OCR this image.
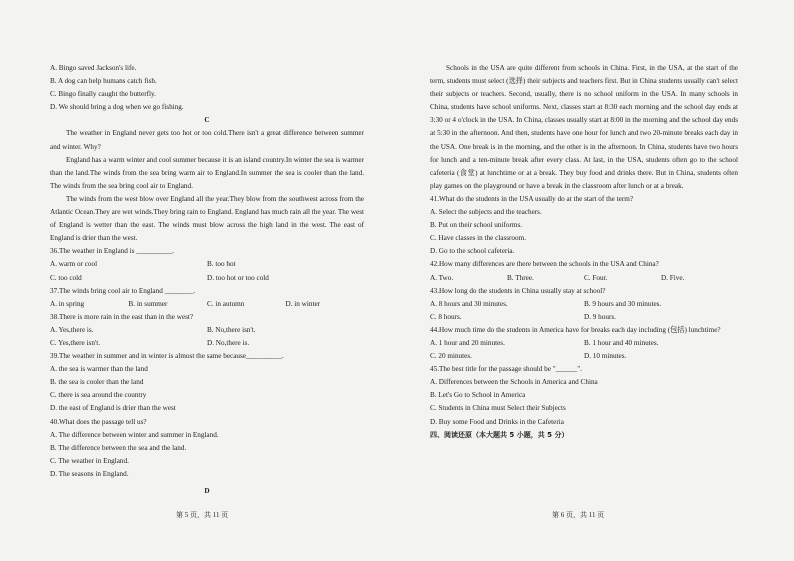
A. Bingo saved Jackson's life.
B. A dog can help humans catch fish.
C. Bingo finally caught the butterfly.
D. We should bring a dog when we go fishing.
C
The weather in England never gets too hot or too cold.There isn't a great difference between summer and winter. Why?
England has a warm winter and cool summer because it is an island country.In winter the sea is warmer than the land.The winds from the sea bring warm air to England.In summer the sea is cooler than the land. The winds from the sea bring cool air to England.
The winds from the west blow over England all the year.They blow from the southwest across from the Atlantic Ocean.They are wet winds.They bring rain to England. England has much rain all the year. The west of England is wetter than the east. The winds must blow across the high land in the west. The east of England is drier than the west.
36.The weather in England is __________.
A. warm or cool	B. too hot
C. too cold	D. too hot or too cold
37.The winds bring cool air to England ________.
A. in spring	B. in summer	C. in autumn	D. in winter
38.There is more rain in the east than in the west?
A. Yes,there is.	B. No,there isn't.
C. Yes,there isn't.	D. No,there is.
39.The weather in summer and in winter is almost the same because__________.
A. the sea is warmer than the land
B. the sea is cooler than the land
C. there is sea around the country
D. the east of England is drier than the west
40.What does the passage tell us?
A. The difference between winter and summer in England.
B. The difference between the sea and the land.
C. The weather in England.
D. The seasons in England.
D
第 5 页，共 11 页
Schools in the USA are quite different from schools in China. First, in the USA, at the start of the term, students must select (选择) their subjects and teachers first. But in China students usually can't select their subjects or teachers. Second, usually, there is no school uniform in the USA. In many schools in China, students have school uniforms. Next, classes start at 8:30 each morning and the school day ends at 3:30 or 4 o'clock in the USA. In China, classes usually start at 8:00 in the morning and the school day ends at 5:30 in the afternoon. And then, students have one hour for lunch and two 20-minute breaks each day in the USA. One break is in the morning, and the other is in the afternoon. In China, students have two hours for lunch and a ten-minute break after every class. At last, in the USA, students often go to the school cafeteria (食堂) at lunchtime or at a break. They buy food and drinks there. But in China, students often play games on the playground or have a break in the classroom after lunch or at a break.
41.What do the students in the USA usually do at the start of the term?
A. Select the subjects and the teachers.
B. Put on their school uniforms.
C. Have classes in the classroom.
D. Go to the school cafeteria.
42.How many differences are there between the schools in the USA and China?
A. Two.	B. Three.	C. Four.	D. Five.
43.How long do the students in China usually stay at school?
A. 8 hours and 30 minutes.	B. 9 hours and 30 minutes.
C. 8 hours.	D. 9 hours.
44.How much time do the students in America have for breaks each day including (包括) lunchtime?
A. 1 hour and 20 minutes.	B. 1 hour and 40 minutes.
C. 20 minutes.	D. 10 minutes.
45.The best title for the passage should be "______".
A. Differences between the Schools in America and China
B. Let's Go to School in America
C. Students in China must Select their Subjects
D. Buy some Food and Drinks in the Cafeteria
四、阅读还原（本大题共 5 小题，共 5 分）
第 6 页，共 11 页
